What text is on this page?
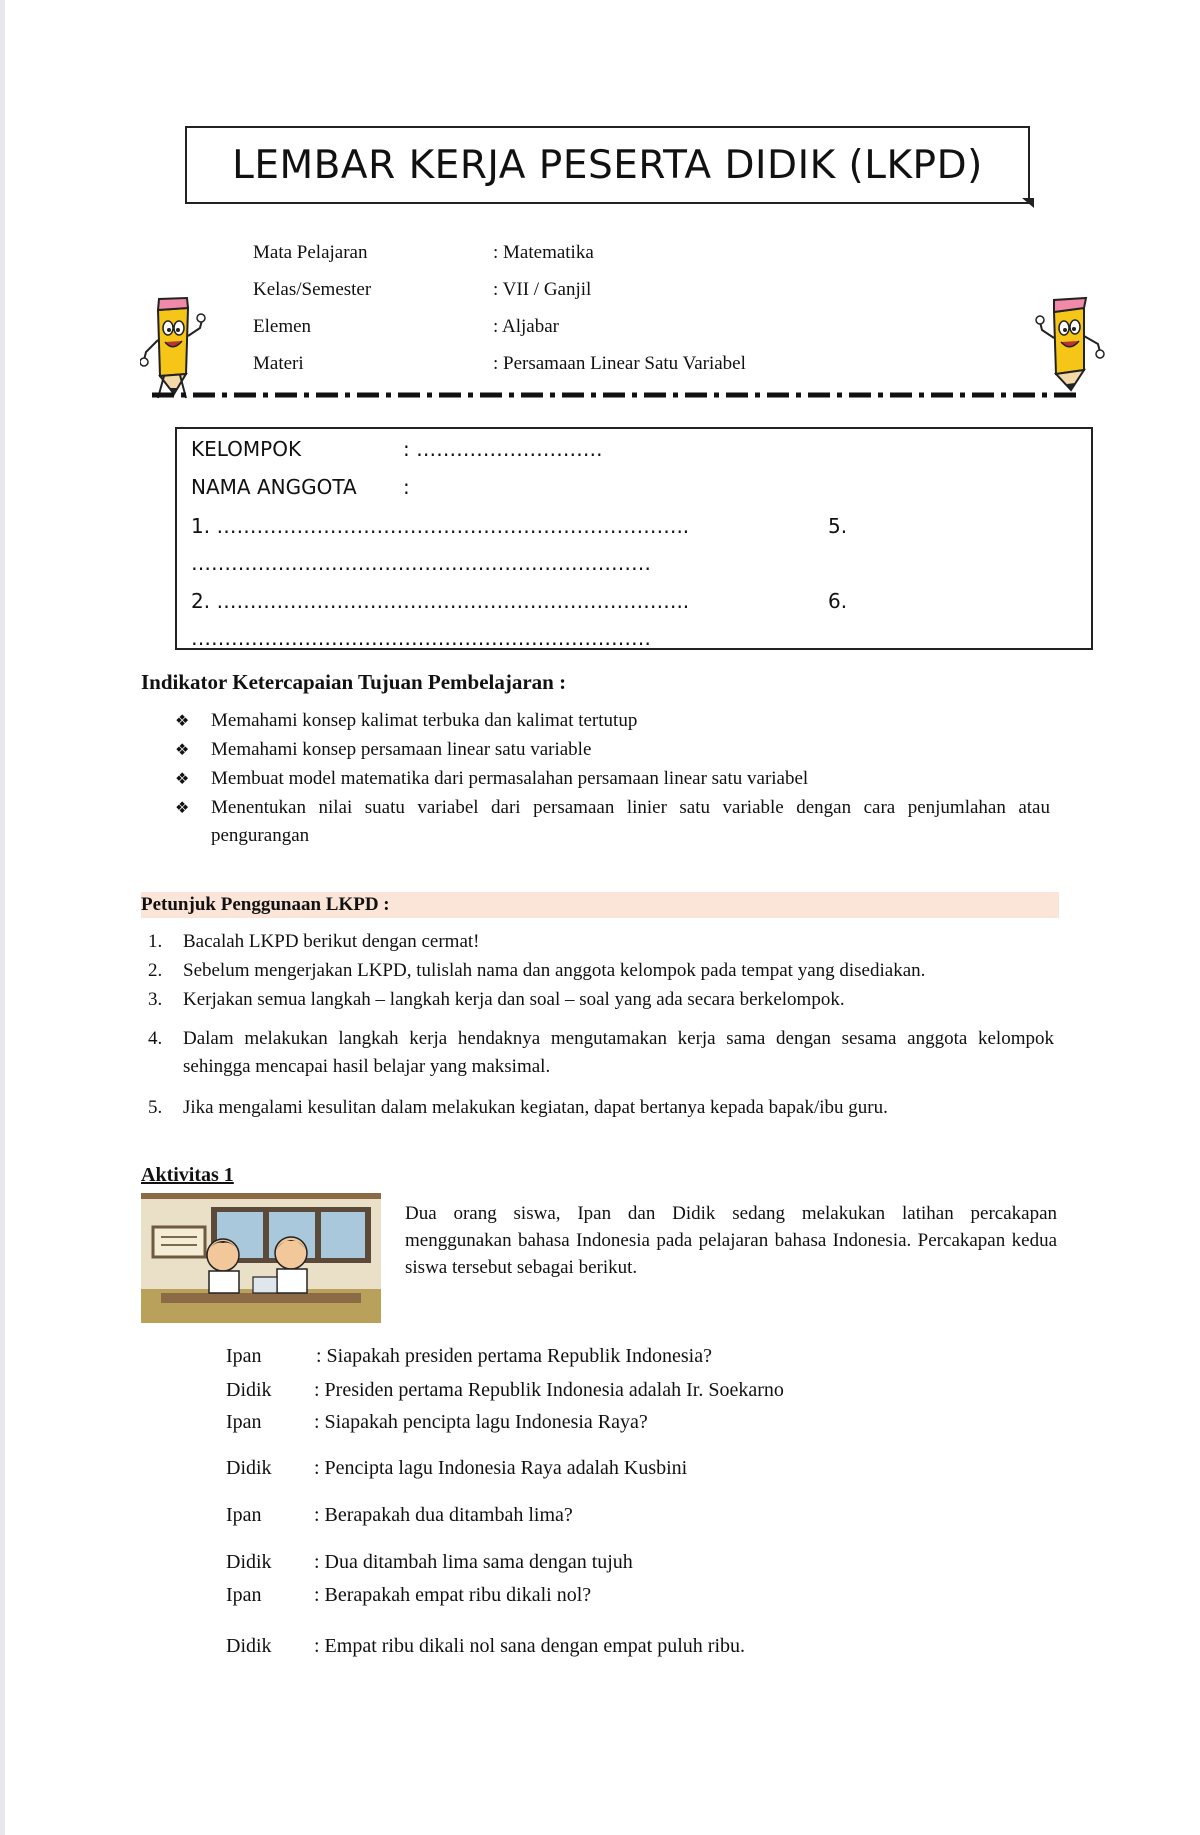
LEMBAR KERJA PESERTA DIDIK (LKPD)
Mata Pelajaran	: Matematika
Kelas/Semester	: VII / Ganjil
Elemen	: Aljabar
Materi	: Persamaan Linear Satu Variabel
KELOMPOK	: ……………………….
NAMA ANGGOTA :
1. ……………………………………………………………..	5.
……………………………………………………………
2. ……………………………………………………………..	6.
……………………………………………………………
Indikator Ketercapaian Tujuan Pembelajaran :
❖ Memahami konsep kalimat terbuka dan kalimat tertutup
❖ Memahami konsep persamaan linear satu variable
❖ Membuat model matematika dari permasalahan persamaan linear satu variabel
❖ Menentukan nilai suatu variabel dari persamaan linier satu variable dengan cara penjumlahan atau pengurangan
Petunjuk Penggunaan LKPD :
1. Bacalah LKPD berikut dengan cermat!
2. Sebelum mengerjakan LKPD, tulislah nama dan anggota kelompok pada tempat yang disediakan.
3. Kerjakan semua langkah – langkah kerja dan soal – soal yang ada secara berkelompok.
4. Dalam melakukan langkah kerja hendaknya mengutamakan kerja sama dengan sesama anggota kelompok sehingga mencapai hasil belajar yang maksimal.
5. Jika mengalami kesulitan dalam melakukan kegiatan, dapat bertanya kepada bapak/ibu guru.
Aktivitas 1
Dua orang siswa, Ipan dan Didik sedang melakukan latihan percakapan menggunakan bahasa Indonesia pada pelajaran bahasa Indonesia. Percakapan kedua siswa tersebut sebagai berikut.
Ipan	: Siapakah presiden pertama Republik Indonesia?
Didik : Presiden pertama Republik Indonesia adalah Ir. Soekarno
Ipan	: Siapakah pencipta lagu Indonesia Raya?
Didik : Pencipta lagu Indonesia Raya adalah Kusbini
Ipan	: Berapakah dua ditambah lima?
Didik : Dua ditambah lima sama dengan tujuh
Ipan	: Berapakah empat ribu dikali nol?
Didik : Empat ribu dikali nol sana dengan empat puluh ribu.
